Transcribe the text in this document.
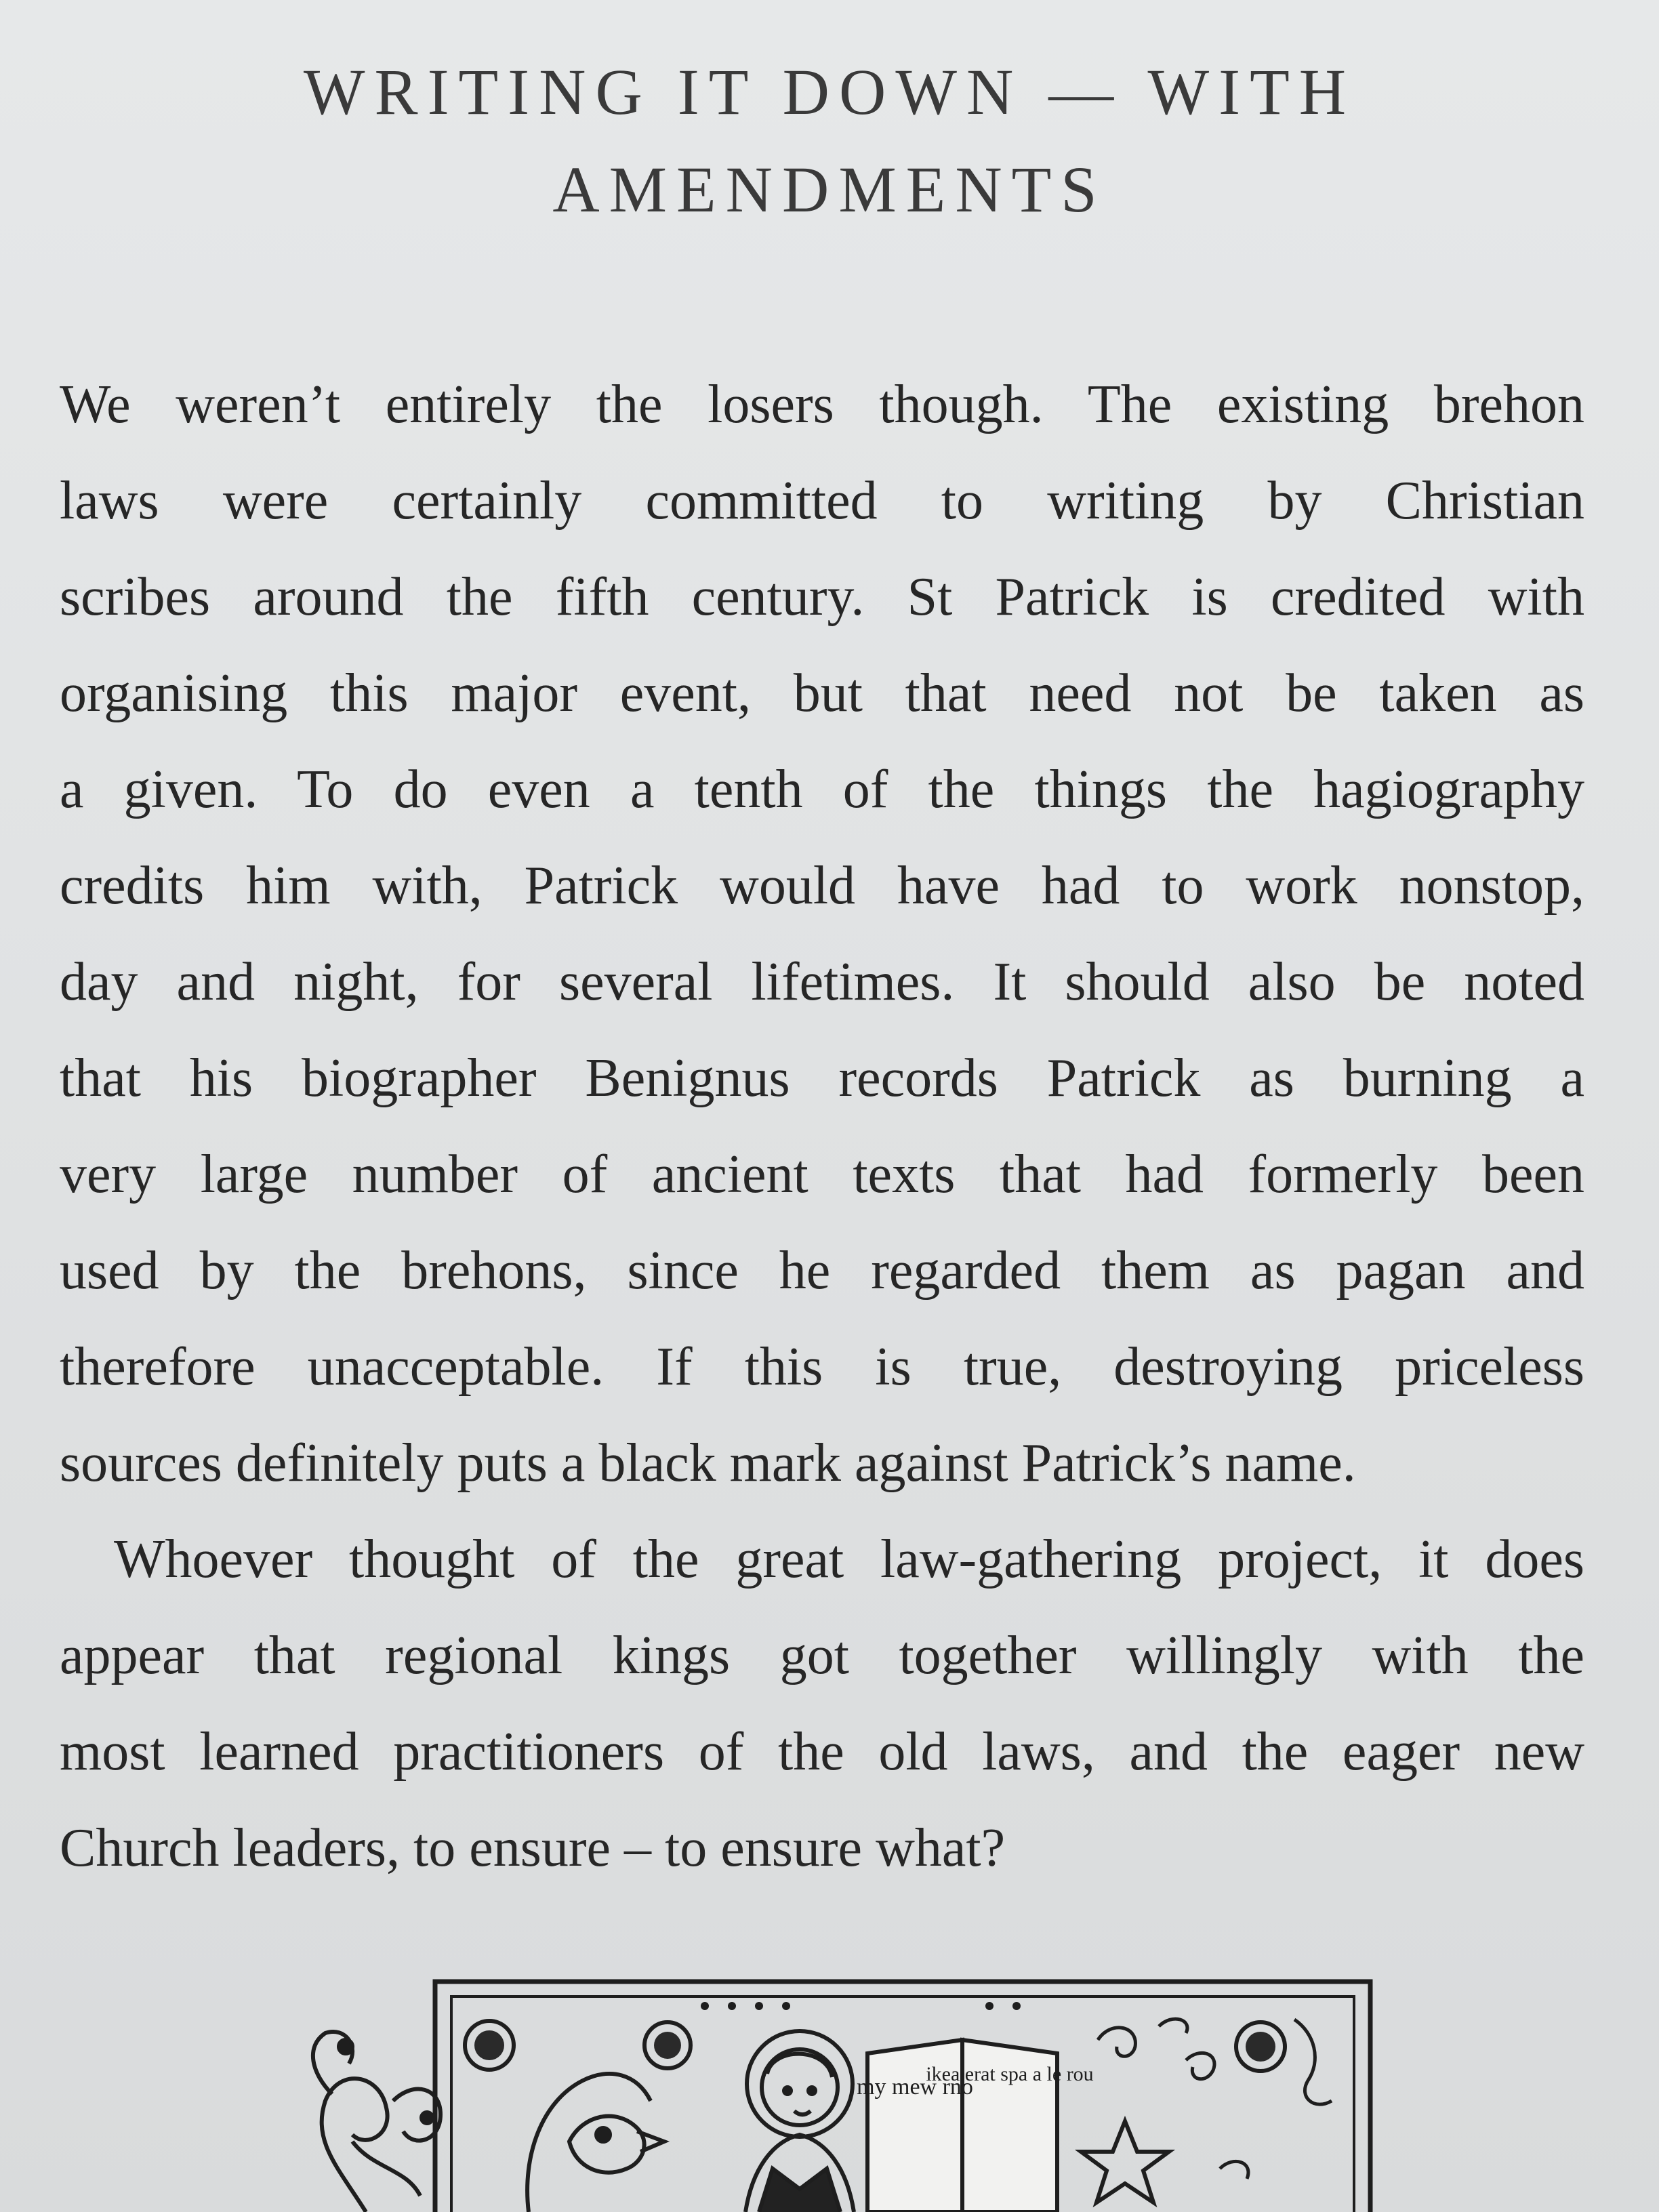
WRITING IT DOWN — WITH
AMENDMENTS

We weren’t entirely the losers though. The existing brehon
laws were certainly committed to writing by Christian
scribes around the fifth century. St Patrick is credited with
organising this major event, but that need not be taken as
a given. To do even a tenth of the things the hagiography
credits him with, Patrick would have had to work nonstop,
day and night, for several lifetimes. It should also be noted
that his biographer Benignus records Patrick as burning a
very large number of ancient texts that had formerly been
used by the brehons, since he regarded them as pagan and
therefore unacceptable. If this is true, destroying priceless
sources definitely puts a black mark against Patrick’s name.

Whoever thought of the great law-gathering project, it does
appear that regional kings got together willingly with the
most learned practitioners of the old laws, and the eager new
Church leaders, to ensure – to ensure what?

my mew rno
ikea erat spa a le rou
